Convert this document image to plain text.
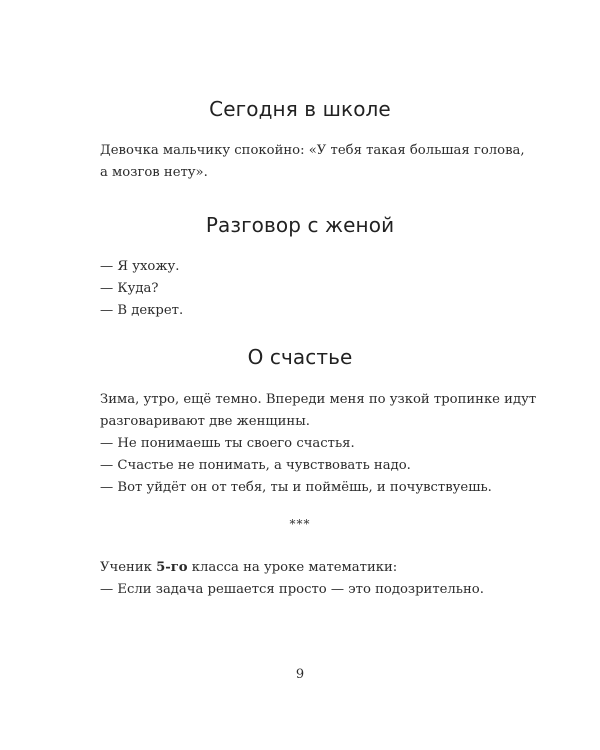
Сегодня в школе

Девочка мальчику спокойно: «У тебя такая большая голова,
а мозгов нету».

Разговор с женой

— Я ухожу.
— Куда?
— В декрет.

О счастье

Зима, утро, ещё темно. Впереди меня по узкой тропинке идут
разговаривают две женщины.
— Не понимаешь ты своего счастья.
— Счастье не понимать, а чувствовать надо.
— Вот уйдёт он от тебя, ты и поймёшь, и почувствуешь.

***

Ученик 5-го класса на уроке математики:
— Если задача решается просто — это подозрительно.

9
